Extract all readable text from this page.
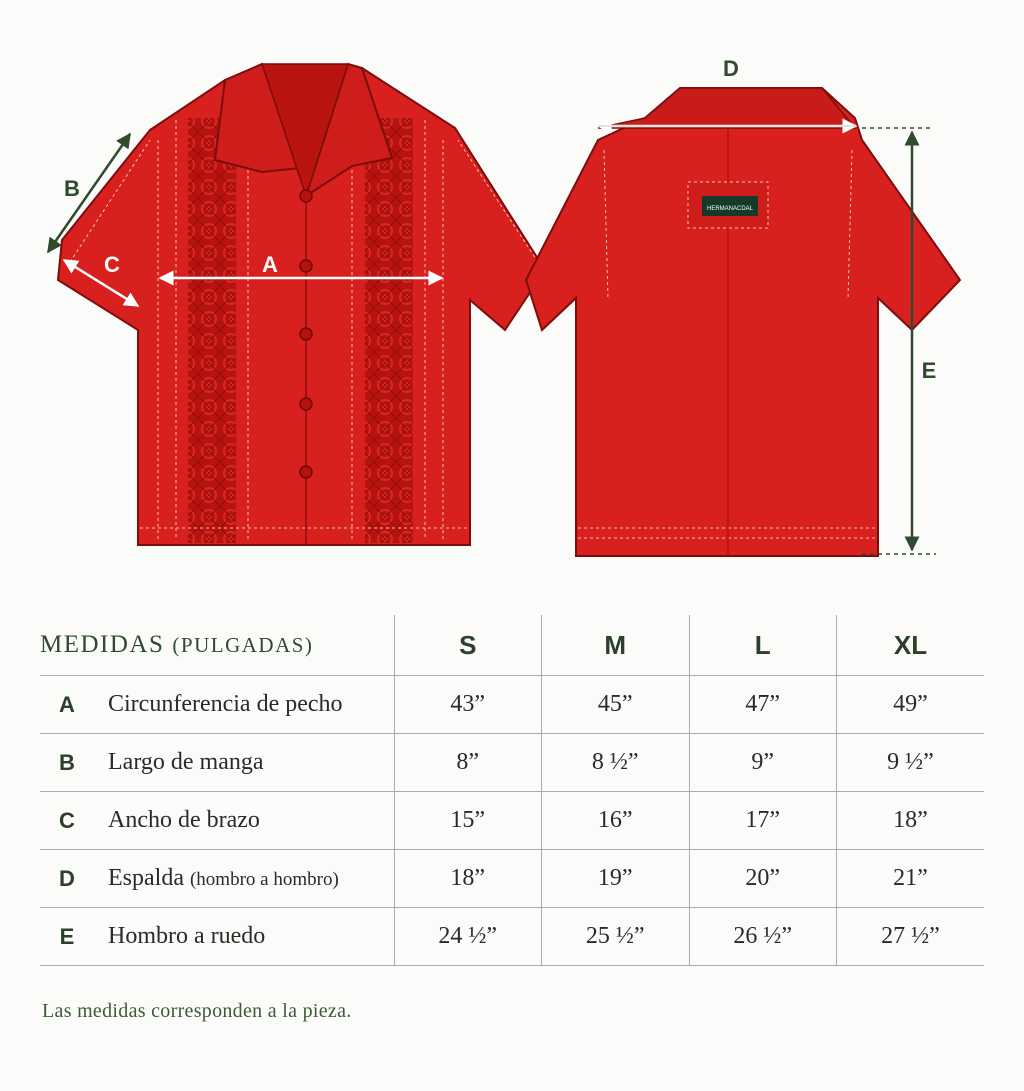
A
C
B
HERMANACDAL
D
E
MEDIDAS (PULGADAS)		S	M	L	XL
A	Circunferencia de pecho	43”	45”	47”	49”
B	Largo de manga	8”	8 ½”	9”	9 ½”
C	Ancho de brazo	15”	16”	17”	18”
D	Espalda (hombro a hombro)	18”	19”	20”	21”
E	Hombro a ruedo	24 ½”	25 ½”	26 ½”	27 ½”
Las medidas corresponden a la pieza.
